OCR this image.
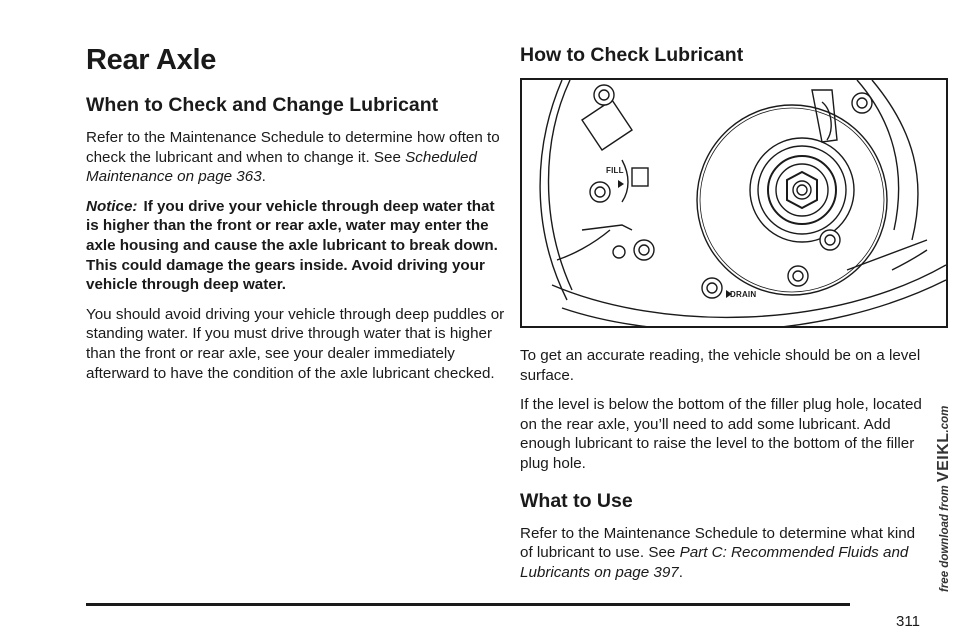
Rear Axle
When to Check and Change Lubricant

Refer to the Maintenance Schedule to determine how often to check the lubricant and when to change it. See Scheduled Maintenance on page 363.

Notice: If you drive your vehicle through deep water that is higher than the front or rear axle, water may enter the axle housing and cause the axle lubricant to break down. This could damage the gears inside. Avoid driving your vehicle through deep water.

You should avoid driving your vehicle through deep puddles or standing water. If you must drive through water that is higher than the front or rear axle, see your dealer immediately afterward to have the condition of the axle lubricant checked.

How to Check Lubricant
FILL
DRAIN

To get an accurate reading, the vehicle should be on a level surface.

If the level is below the bottom of the filler plug hole, located on the rear axle, you’ll need to add some lubricant. Add enough lubricant to raise the level to the bottom of the filler plug hole.

What to Use

Refer to the Maintenance Schedule to determine what kind of lubricant to use. See Part C: Recommended Fluids and Lubricants on page 397.

311
free download from VEIKL.com
